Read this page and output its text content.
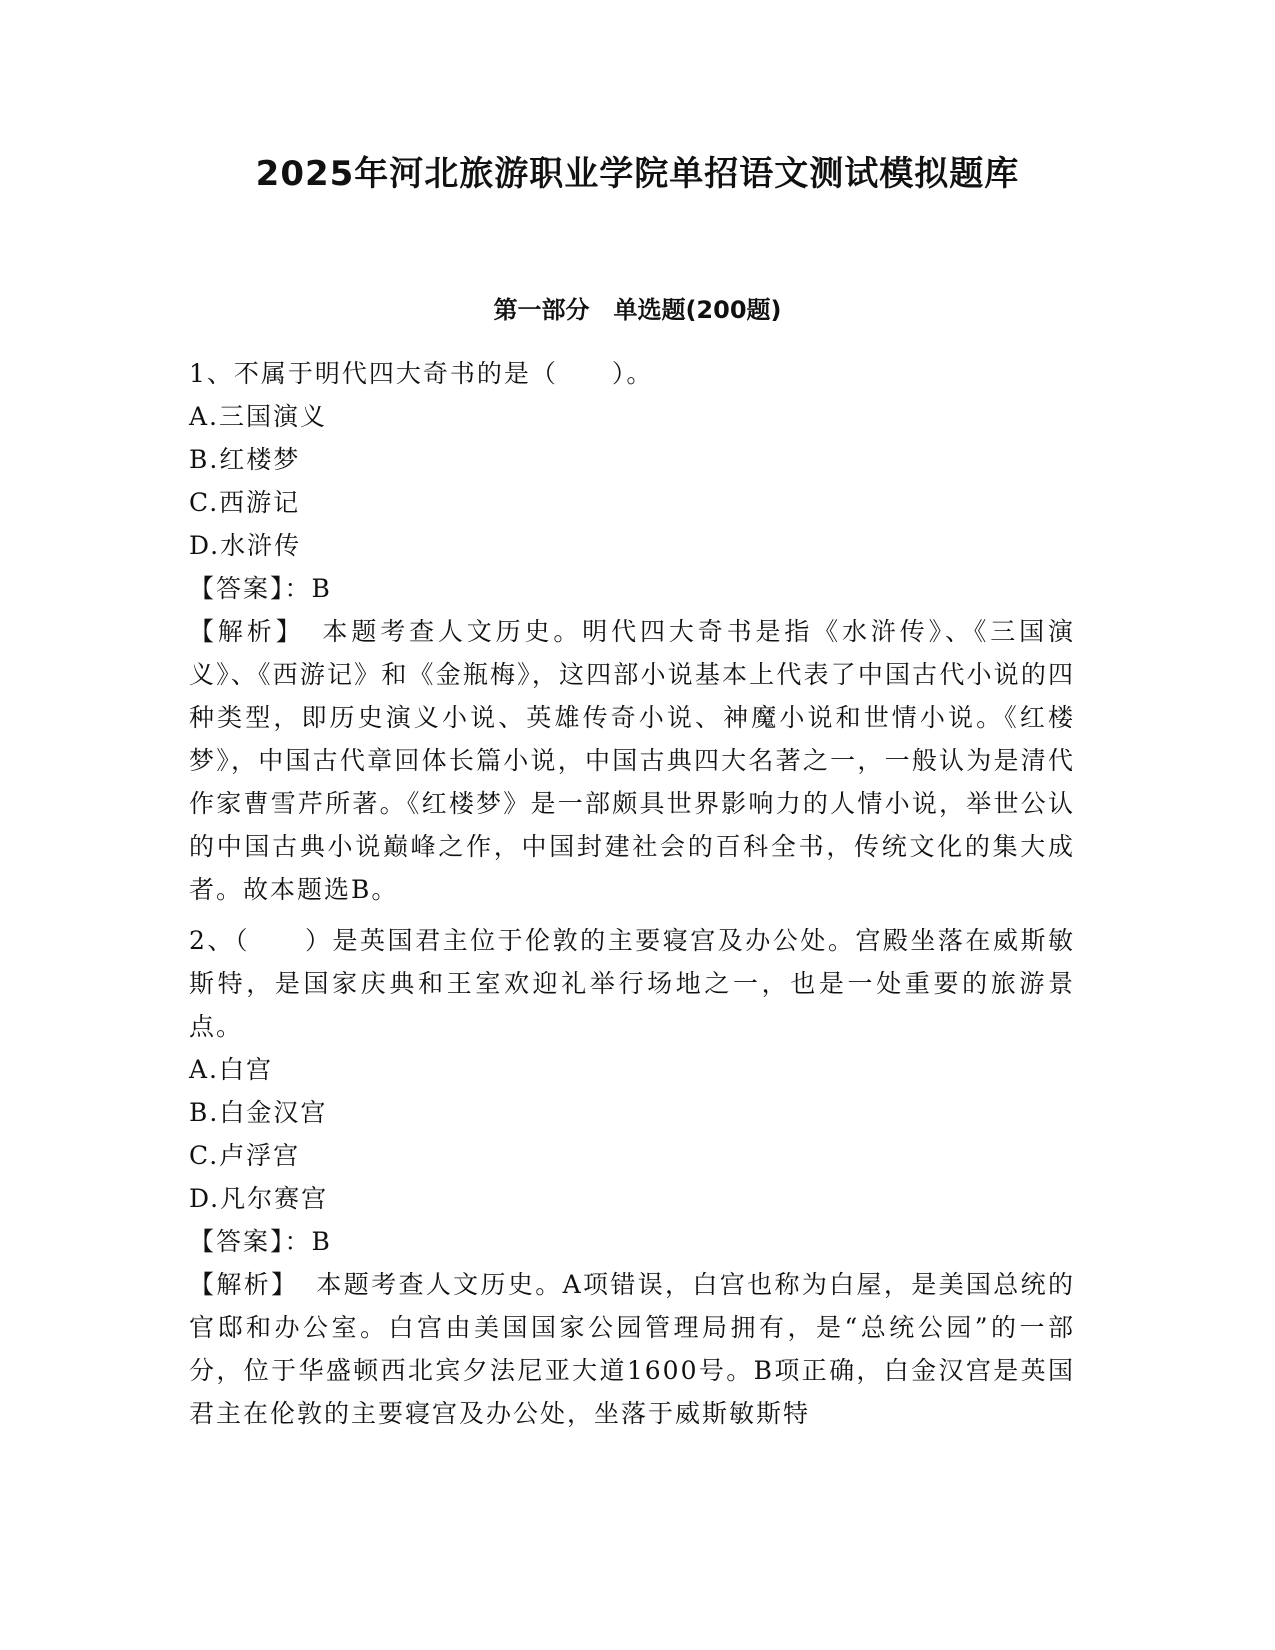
2025年河北旅游职业学院单招语文测试模拟题库
第一部分　单选题(200题)

1、不属于明代四大奇书的是（　　）。

A.三国演义

B.红楼梦

C.西游记

D.水浒传

【答案】：B

【解析】 本题考查人文历史。明代四大奇书是指《水浒传》、《三国演义》、《西游记》和《金瓶梅》，这四部小说基本上代表了中国古代小说的四种类型，即历史演义小说、英雄传奇小说、神魔小说和世情小说。《红楼梦》，中国古代章回体长篇小说，中国古典四大名著之一，一般认为是清代作家曹雪芹所著。《红楼梦》是一部颇具世界影响力的人情小说，举世公认的中国古典小说巅峰之作，中国封建社会的百科全书，传统文化的集大成者。故本题选B。

2、（　　）是英国君主位于伦敦的主要寝宫及办公处。宫殿坐落在威斯敏斯特，是国家庆典和王室欢迎礼举行场地之一，也是一处重要的旅游景点。

A.白宫

B.白金汉宫

C.卢浮宫

D.凡尔赛宫

【答案】：B

【解析】 本题考查人文历史。A项错误，白宫也称为白屋，是美国总统的官邸和办公室。白宫由美国国家公园管理局拥有，是“总统公园”的一部分，位于华盛顿西北宾夕法尼亚大道1600号。B项正确，白金汉宫是英国君主在伦敦的主要寝宫及办公处，坐落于威斯敏斯特
